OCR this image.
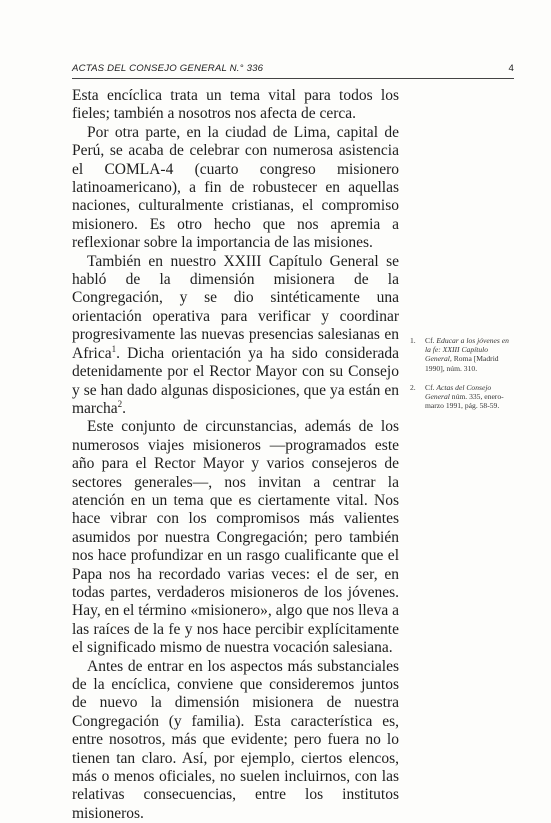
ACTAS DEL CONSEJO GENERAL N.° 336	4

Esta encíclica trata un tema vital para todos los fieles; también a nosotros nos afecta de cerca.

Por otra parte, en la ciudad de Lima, capital de Perú, se acaba de celebrar con numerosa asistencia el COMLA-4 (cuarto congreso misionero latinoamericano), a fin de robustecer en aquellas naciones, culturalmente cristianas, el compromiso misionero. Es otro hecho que nos apremia a reflexionar sobre la importancia de las misiones.

También en nuestro XXIII Capítulo General se habló de la dimensión misionera de la Congregación, y se dio sintéticamente una orientación operativa para verificar y coordinar progresivamente las nuevas presencias salesianas en Africa$^1$. Dicha orientación ya ha sido considerada detenidamente por el Rector Mayor con su Consejo y se han dado algunas disposiciones, que ya están en marcha$^2$.

Este conjunto de circunstancias, además de los numerosos viajes misioneros —programados este año para el Rector Mayor y varios consejeros de sectores generales—, nos invitan a centrar la atención en un tema que es ciertamente vital. Nos hace vibrar con los compromisos más valientes asumidos por nuestra Congregación; pero también nos hace profundizar en un rasgo cualificante que el Papa nos ha recordado varias veces: el de ser, en todas partes, verdaderos misioneros de los jóvenes. Hay, en el término «misionero», algo que nos lleva a las raíces de la fe y nos hace percibir explícitamente el significado mismo de nuestra vocación salesiana.

Antes de entrar en los aspectos más substanciales de la encíclica, conviene que consideremos juntos de nuevo la dimensión misionera de nuestra Congregación (y familia). Esta característica es, entre nosotros, más que evidente; pero fuera no lo tienen tan claro. Así, por ejemplo, ciertos elencos, más o menos oficiales, no suelen incluirnos, con las relativas consecuencias, entre los institutos misioneros.

1. Cf. Educar a los jóvenes en la fe: XXIII Capítulo General, Roma [Madrid 1990], núm. 310.
2. Cf. Actas del Consejo General núm. 335, enero-marzo 1991, pág. 58-59.
